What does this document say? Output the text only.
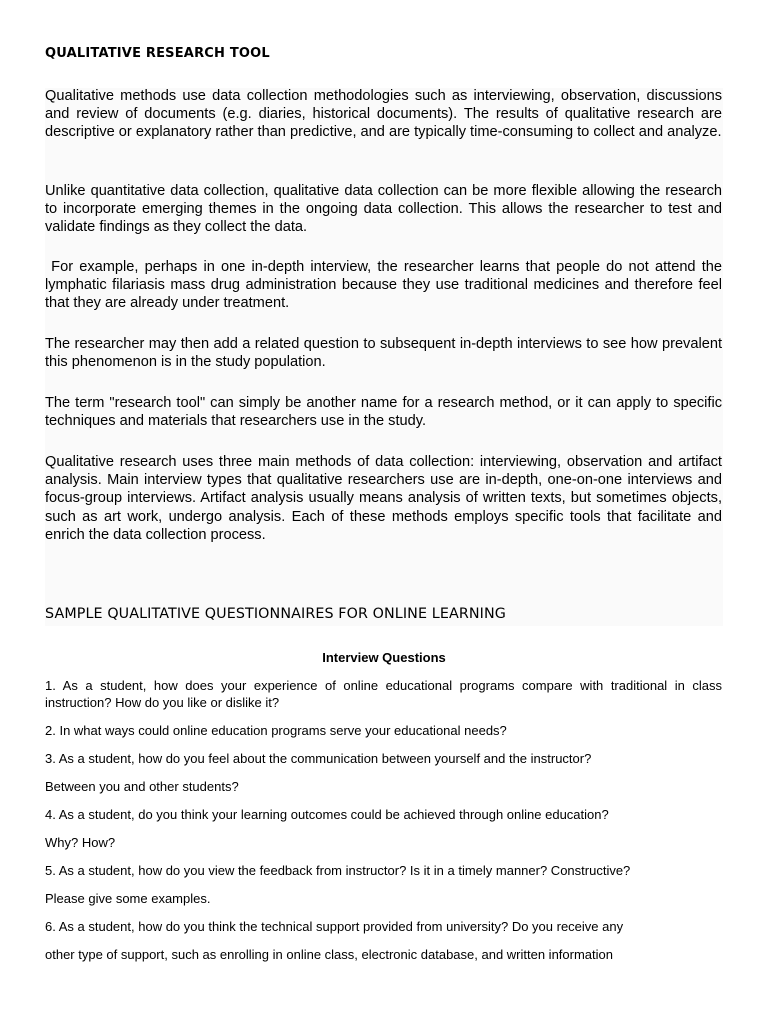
QUALITATIVE RESEARCH TOOL

Qualitative methods use data collection methodologies such as interviewing, observation, discussions and review of documents (e.g. diaries, historical documents). The results of qualitative research are descriptive or explanatory rather than predictive, and are typically time-consuming to collect and analyze.

Unlike quantitative data collection, qualitative data collection can be more flexible allowing the research to incorporate emerging themes in the ongoing data collection. This allows the researcher to test and validate findings as they collect the data.

For example, perhaps in one in-depth interview, the researcher learns that people do not attend the lymphatic filariasis mass drug administration because they use traditional medicines and therefore feel that they are already under treatment.

The researcher may then add a related question to subsequent in-depth interviews to see how prevalent this phenomenon is in the study population.

The term "research tool" can simply be another name for a research method, or it can apply to specific techniques and materials that researchers use in the study.

Qualitative research uses three main methods of data collection: interviewing, observation and artifact analysis. Main interview types that qualitative researchers use are in-depth, one-on-one interviews and focus-group interviews. Artifact analysis usually means analysis of written texts, but sometimes objects, such as art work, undergo analysis. Each of these methods employs specific tools that facilitate and enrich the data collection process.

SAMPLE QUALITATIVE QUESTIONNAIRES FOR ONLINE LEARNING
Interview Questions

1. As a student, how does your experience of online educational programs compare with traditional in class instruction? How do you like or dislike it?

2. In what ways could online education programs serve your educational needs?

3. As a student, how do you feel about the communication between yourself and the instructor?

Between you and other students?

4. As a student, do you think your learning outcomes could be achieved through online education?

Why? How?

5. As a student, how do you view the feedback from instructor? Is it in a timely manner? Constructive?

Please give some examples.

6. As a student, how do you think the technical support provided from university? Do you receive any

other type of support, such as enrolling in online class, electronic database, and written information
